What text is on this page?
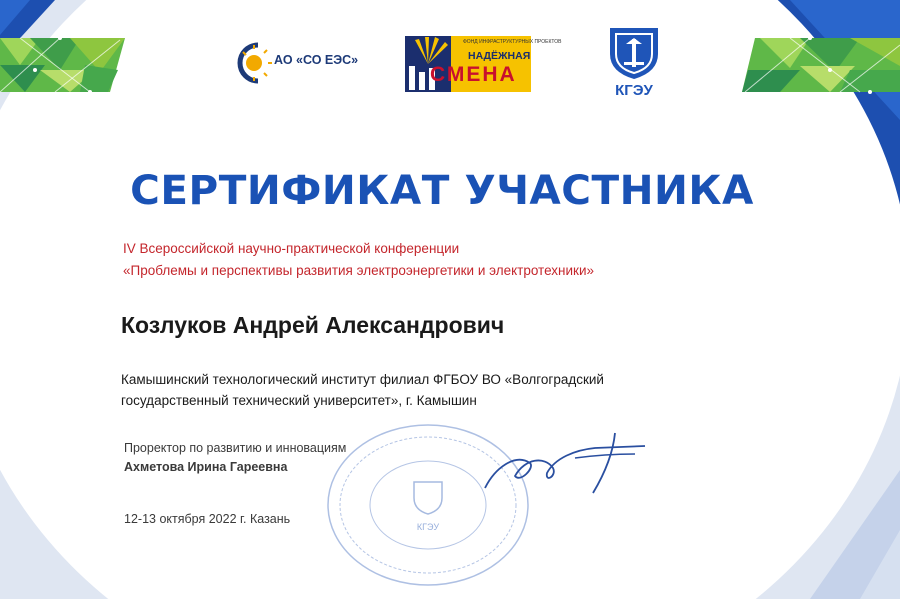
АО «СО ЕЭС»
ФОНД ИНФРАСТРУКТУРНЫХ ПРОЕКТОВ
НАДЁЖНАЯ
СМЕНА
КГЭУ
СЕРТИФИКАТ УЧАСТНИКА
IV Всероссийской научно-практической конференции
«Проблемы и перспективы развития электроэнергетики и электротехники»
Козлуков Андрей Александрович
Камышинский технологический институт филиал ФГБОУ ВО «Волгоградский
государственный технический университет», г. Камышин
КГЭУ
Проректор по развитию и инновациям
Ахметова Ирина Гареевна
12-13 октября 2022 г. Казань
